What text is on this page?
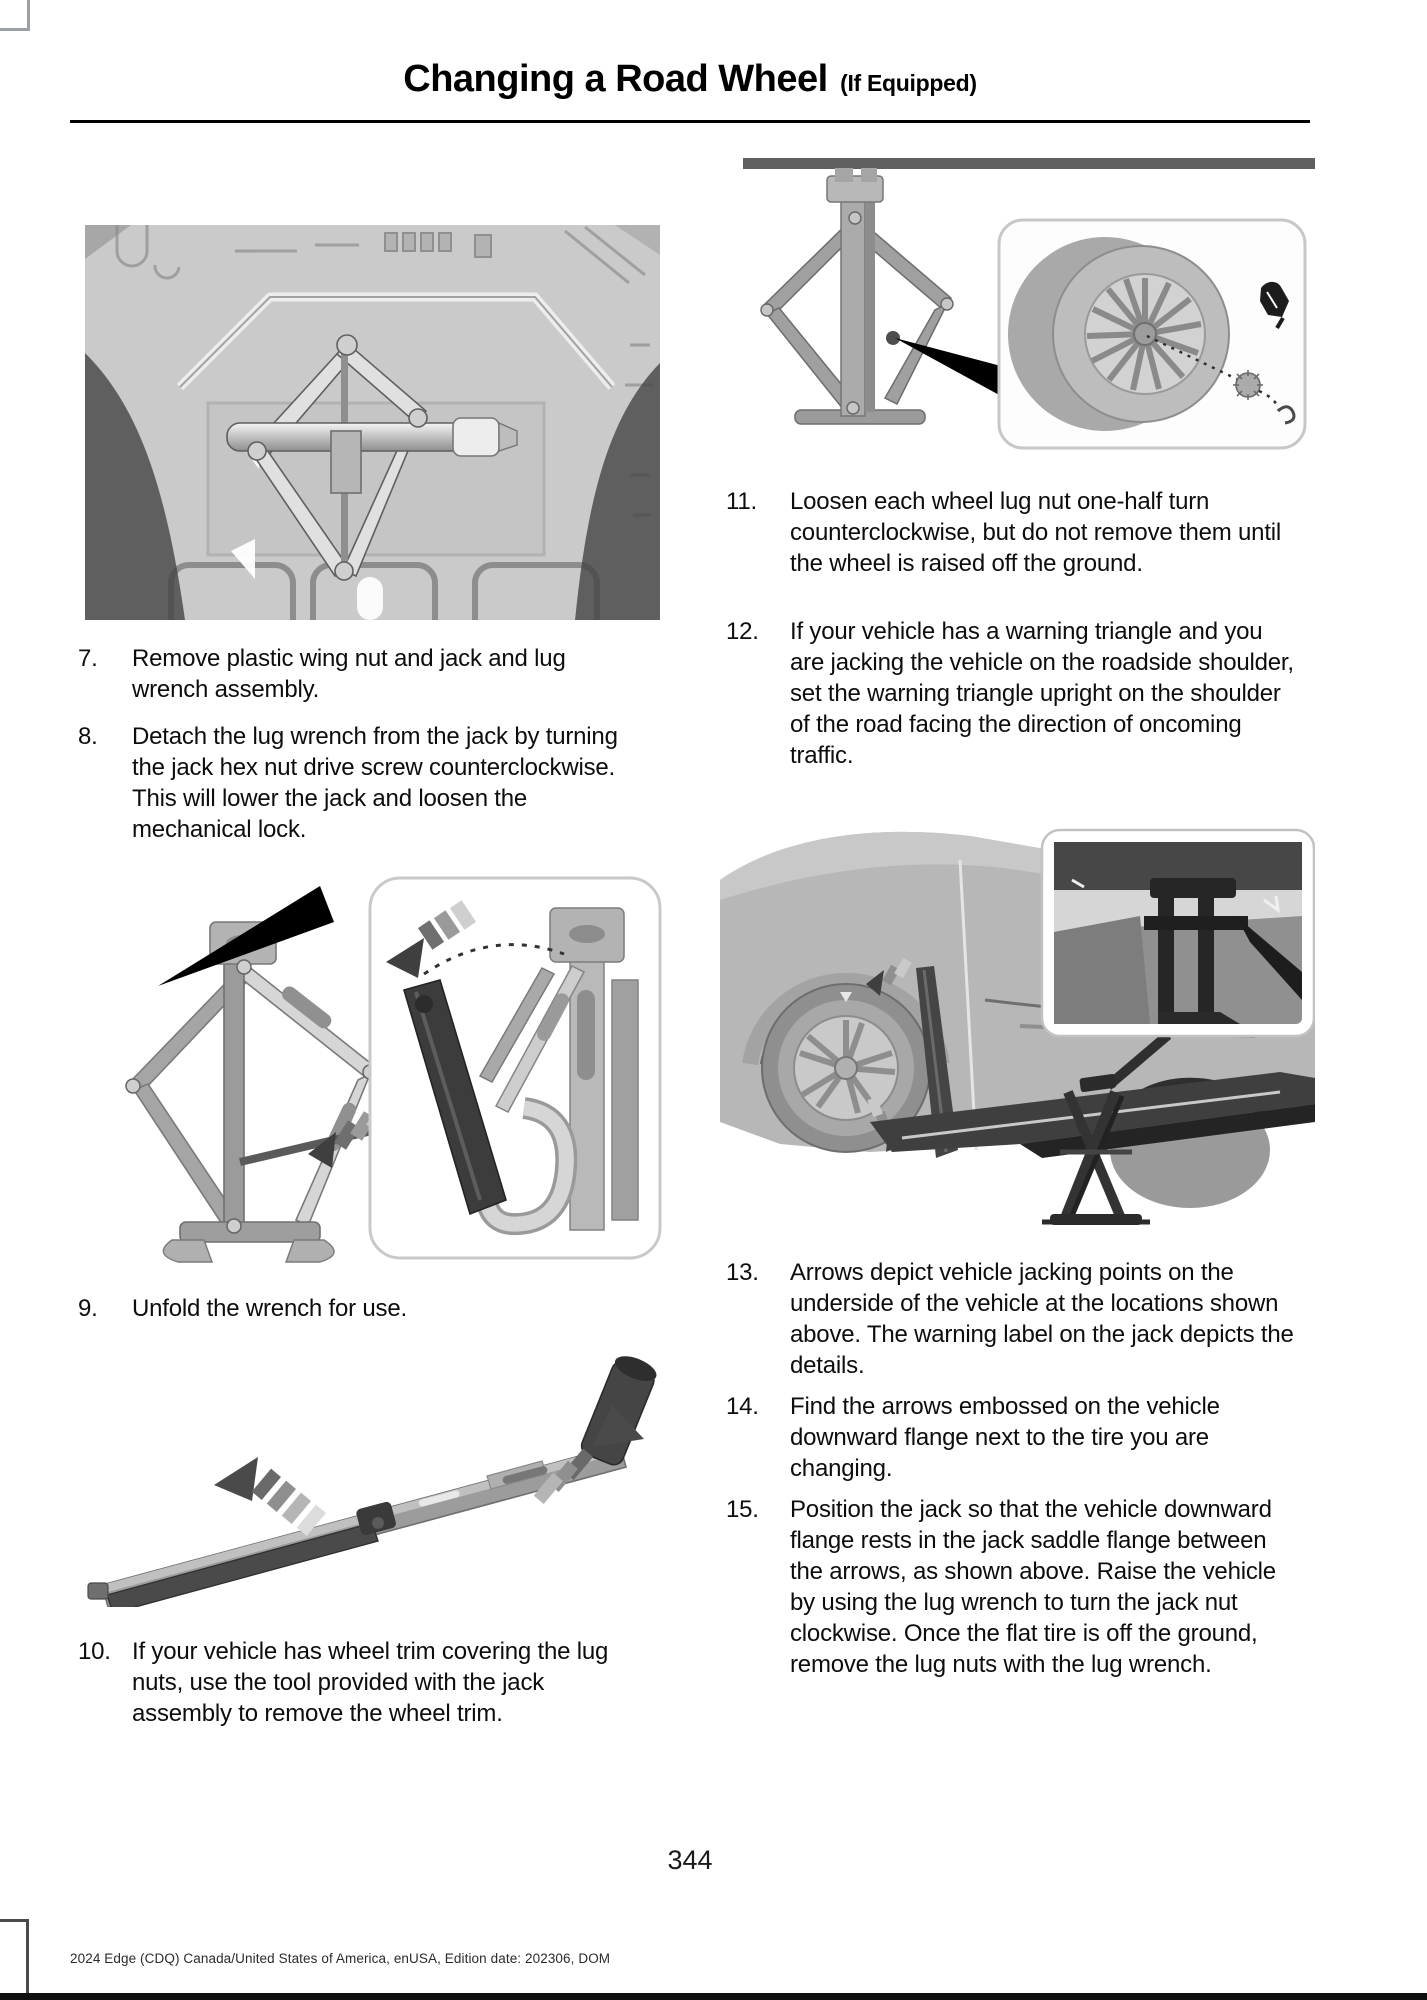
Changing a Road Wheel (If Equipped)
7.	Remove plastic wing nut and jack and lug wrench assembly.
8.	Detach the lug wrench from the jack by turning the jack hex nut drive screw counterclockwise. This will lower the jack and loosen the mechanical lock.
9.	Unfold the wrench for use.
10. If your vehicle has wheel trim covering the lug nuts, use the tool provided with the jack assembly to remove the wheel trim.
11.	Loosen each wheel lug nut one-half turn counterclockwise, but do not remove them until the wheel is raised off the ground.
12.	If your vehicle has a warning triangle and you are jacking the vehicle on the roadside shoulder, set the warning triangle upright on the shoulder of the road facing the direction of oncoming traffic.
13.	Arrows depict vehicle jacking points on the underside of the vehicle at the locations shown above. The warning label on the jack depicts the details.
14.	Find the arrows embossed on the vehicle downward flange next to the tire you are changing.
15.	Position the jack so that the vehicle downward flange rests in the jack saddle flange between the arrows, as shown above. Raise the vehicle by using the lug wrench to turn the jack nut clockwise. Once the flat tire is off the ground, remove the lug nuts with the lug wrench.
344
2024 Edge (CDQ) Canada/United States of America, enUSA, Edition date: 202306, DOM
